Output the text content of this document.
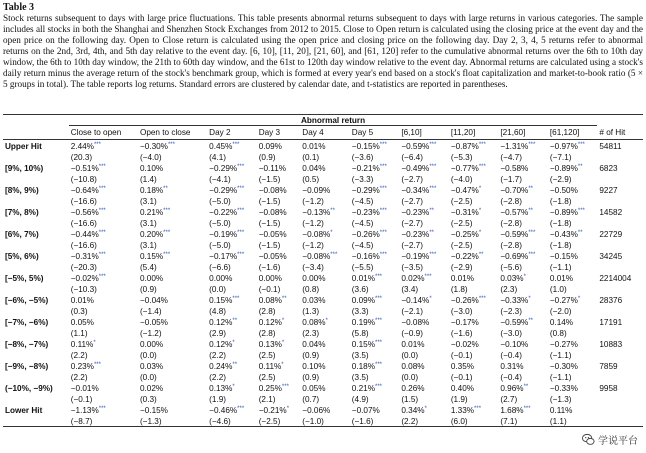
Table 3
Stock returns subsequent to days with large price fluctuations. This table presents abnormal returns subsequent to days with large returns in various categories. The sample includes all stocks in both the Shanghai and Shenzhen Stock Exchanges from 2012 to 2015. Close to Open return is calculated using the closing price at the event day and the open price on the following day. Open to Close return is calculated using the open price and closing price on the following day. Day 2, 3, 4, 5 returns refer to abnormal returns on the 2nd, 3rd, 4th, and 5th day relative to the event day. [6, 10], [11, 20], [21, 60], and [61, 120] refer to the cumulative abnormal returns over the 6th to 10th day window, the 6th to 10th day window, the 21th to 60th day window, and the 61st to 120th day window relative to the event day. Abnormal returns are calculated using a stock's daily return minus the average return of the stock's benchmark group, which is formed at every year's end based on a stock's float capitalization and market-to-book ratio (5 × 5 groups in total). The table reports log returns. Standard errors are clustered by calendar date, and t-statistics are reported in parentheses.
	Abnormal return										
	Close to open	Open to close	Day 2	Day 3	Day 4	Day 5	[6,10]	[11,20]	[21,60]	[61,120]	# of Hit
Upper Hit	2.44%***	−0.30%***	0.45%***	0.09%	0.01%	−0.15%***	−0.59%***	−0.87%***	−1.31%***	−0.97%***	54811
	(20.3)	(−4.0)	(4.1)	(0.9)	(0.1)	(−3.6)	(−6.4)	(−5.3)	(−4.7)	(−7.1)	
[9%, 10%)	−0.51%***	0.10%	−0.29%***	−0.11%	0.04%	−0.21%***	−0.49%***	−0.77%***	−0.58%	−0.89%**	6823
	(−10.8)	(1.4)	(−4.1)	(−1.5)	(0.5)	(−3.3)	(−2.7)	(−4.0)	(−1.7)	(−2.9)	
[8%, 9%)	−0.64%***	0.18%**	−0.29%***	−0.08%	−0.09%	−0.29%***	−0.34%***	−0.47%*	−0.70%**	−0.50%	9227
	(−16.6)	(3.1)	(−5.0)	(−1.5)	(−1.2)	(−4.5)	(−2.7)	(−2.5)	(−2.8)	(−1.8)	
[7%, 8%)	−0.56%***	0.21%***	−0.22%***	−0.08%	−0.13%**	−0.23%***	−0.23%**	−0.31%*	−0.57%**	−0.89%***	14582
	(−16.6)	(3.1)	(−5.0)	(−1.5)	(−1.2)	(−4.5)	(−2.7)	(−2.5)	(−2.8)	(−1.8)	
[6%, 7%)	−0.44%***	0.20%***	−0.19%***	−0.05%	−0.08%*	−0.26%***	−0.23%**	−0.25%*	−0.59%***	−0.43%**	22729
	(−16.6)	(3.1)	(−5.0)	(−1.5)	(−1.2)	(−4.5)	(−2.7)	(−2.5)	(−2.8)	(−1.8)	
[5%, 6%)	−0.31%***	0.15%***	−0.17%***	−0.05%	−0.08%***	−0.16%***	−0.19%***	−0.22%**	−0.69%***	−0.15%	34245
	(−20.3)	(5.4)	(−6.6)	(−1.6)	(−3.4)	(−5.5)	(−3.5)	(−2.9)	(−5.6)	(−1.1)	
[−5%, 5%)	−0.02%***	0.00%	0.00%	0.00%	0.00%	0.01%***	0.02%***	0.01%	0.03%*	0.01%	2214004
	(−10.3)	(0.9)	(0.0)	(−0.1)	(0.8)	(3.6)	(3.4)	(1.8)	(2.3)	(1.0)	
[−6%, −5%)	0.01%	−0.04%	0.15%***	0.08%**	0.03%	0.09%***	−0.14%*	−0.26%***	−0.33%*	−0.27%*	28376
	(0.3)	(−1.4)	(4.8)	(2.8)	(1.3)	(3.3)	(−2.1)	(−3.0)	(−2.3)	(−2.0)	
[−7%, −6%)	0.05%	−0.05%	0.12%**	0.12%*	0.08%*	0.19%***	−0.08%	−0.17%	−0.59%**	0.14%	17191
	(1.1)	(−1.2)	(2.9)	(2.8)	(2.3)	(5.8)	(−0.9)	(−1.6)	(−3.0)	(0.8)	
[−8%, −7%)	0.11%*	0.00%	0.12%*	0.13%*	0.04%	0.15%***	0.01%	−0.02%	−0.10%	−0.27%	10883
	(2.2)	(0.0)	(2.2)	(2.5)	(0.9)	(3.5)	(0.0)	(−0.1)	(−0.4)	(−1.1)	
[−9%, −8%)	0.23%***	0.03%	0.24%**	0.11%*	0.10%	0.18%***	0.08%	0.35%	0.31%	−0.30%	7859
	(2.2)	(0.0)	(2.2)	(2.5)	(0.9)	(3.5)	(0.0)	(−0.1)	(−0.4)	(−1.1)	
(−10%, −9%)	−0.01%	0.02%	0.13%*	0.25%***	0.05%	0.21%***	0.26%	0.40%	0.96%**	−0.33%	9958
	(−0.1)	(0.3)	(1.9)	(2.1)	(0.7)	(4.9)	(1.5)	(1.9)	(2.7)	(−1.3)	
Lower Hit	−1.13%***	−0.15%	−0.46%***	−0.21%*	−0.06%	−0.07%	0.34%*	1.33%***	1.68%***	0.11%	
	(−8.7)	(−1.3)	(−4.6)	(−2.5)	(−1.0)	(−1.6)	(2.2)	(6.0)	(7.1)	(1.1)	
学说平台
